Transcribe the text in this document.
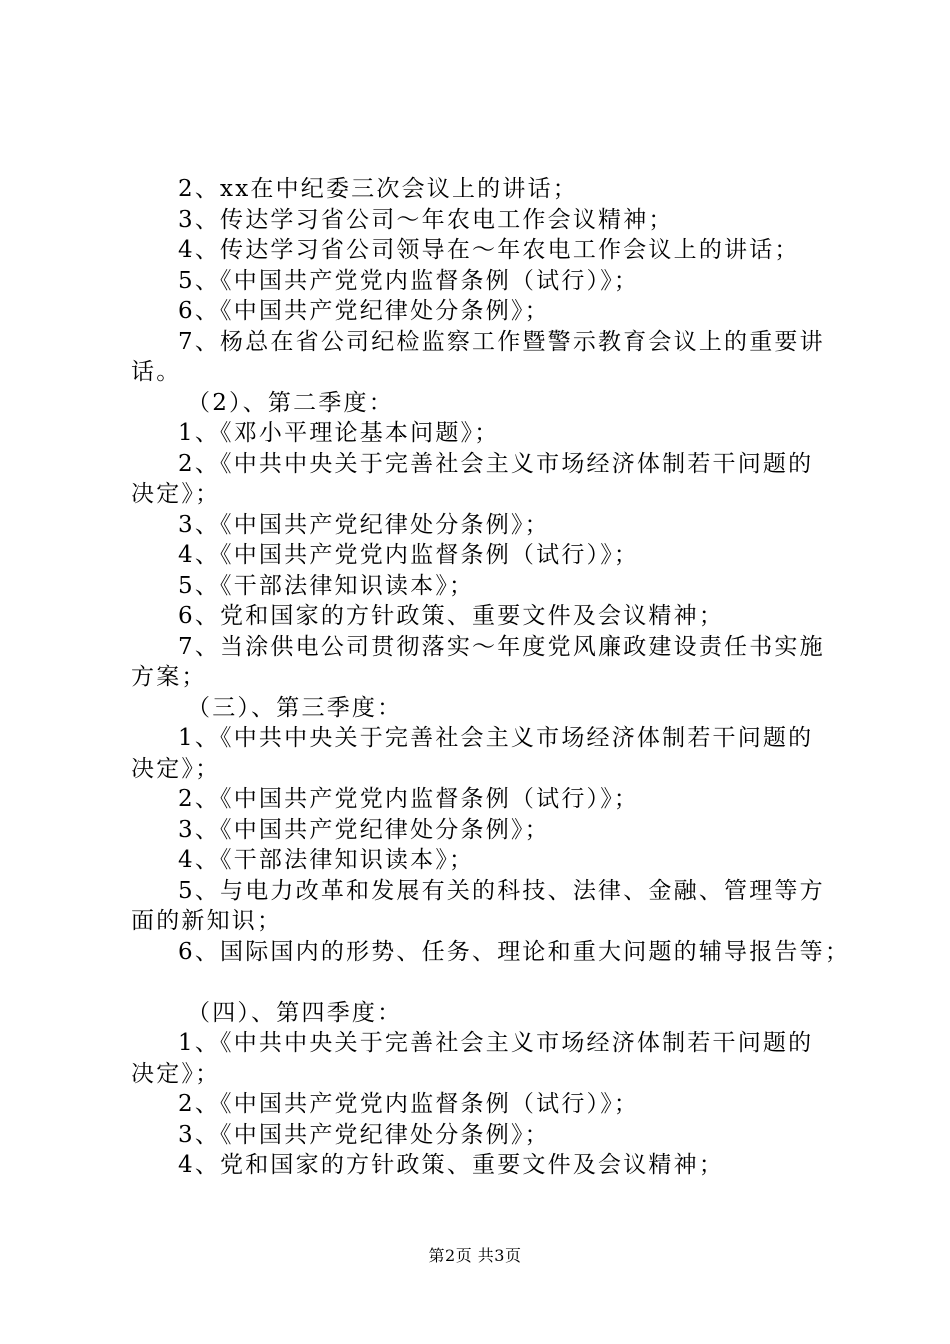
2、xx在中纪委三次会议上的讲话；
3、传达学习省公司～年农电工作会议精神；
4、传达学习省公司领导在～年农电工作会议上的讲话；
5、《中国共产党党内监督条例（试行）》；
6、《中国共产党纪律处分条例》；
7、杨总在省公司纪检监察工作暨警示教育会议上的重要讲
话。
（2）、第二季度：
1、《邓小平理论基本问题》；
2、《中共中央关于完善社会主义市场经济体制若干问题的
决定》；
3、《中国共产党纪律处分条例》；
4、《中国共产党党内监督条例（试行）》；
5、《干部法律知识读本》；
6、党和国家的方针政策、重要文件及会议精神；
7、当涂供电公司贯彻落实～年度党风廉政建设责任书实施
方案；
（三）、第三季度：
1、《中共中央关于完善社会主义市场经济体制若干问题的
决定》；
2、《中国共产党党内监督条例（试行）》；
3、《中国共产党纪律处分条例》；
4、《干部法律知识读本》；
5、与电力改革和发展有关的科技、法律、金融、管理等方
面的新知识；
6、国际国内的形势、任务、理论和重大问题的辅导报告等；
（四）、第四季度：
1、《中共中央关于完善社会主义市场经济体制若干问题的
决定》；
2、《中国共产党党内监督条例（试行）》；
3、《中国共产党纪律处分条例》；
4、党和国家的方针政策、重要文件及会议精神；
第2页 共3页
